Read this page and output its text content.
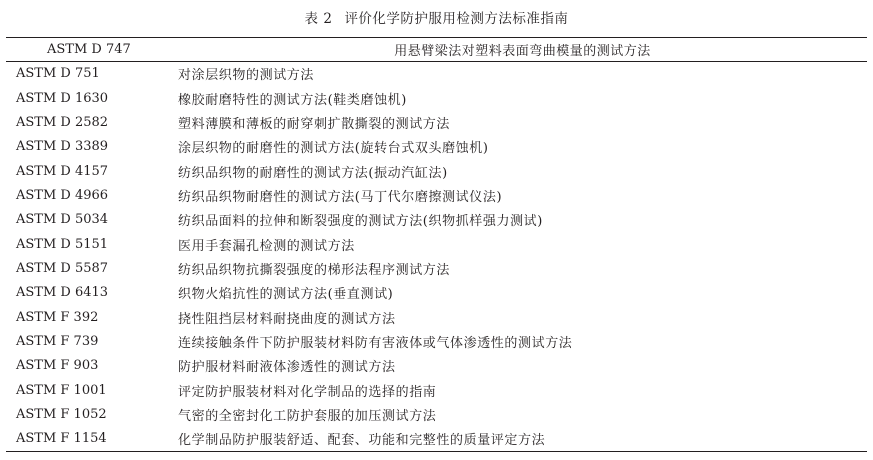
表 2 评价化学防护服用检测方法标准指南
ASTM D 747	用悬臂梁法对塑料表面弯曲模量的测试方法
ASTM D 751	对涂层织物的测试方法
ASTM D 1630	橡胶耐磨特性的测试方法(鞋类磨蚀机)
ASTM D 2582	塑料薄膜和薄板的耐穿刺扩散撕裂的测试方法
ASTM D 3389	涂层织物的耐磨性的测试方法(旋转台式双头磨蚀机)
ASTM D 4157	纺织品织物的耐磨性的测试方法(振动汽缸法)
ASTM D 4966	纺织品织物耐磨性的测试方法(马丁代尔磨擦测试仪法)
ASTM D 5034	纺织品面料的拉伸和断裂强度的测试方法(织物抓样强力测试)
ASTM D 5151	医用手套漏孔检测的测试方法
ASTM D 5587	纺织品织物抗撕裂强度的梯形法程序测试方法
ASTM D 6413	织物火焰抗性的测试方法(垂直测试)
ASTM F 392	挠性阻挡层材料耐挠曲度的测试方法
ASTM F 739	连续接触条件下防护服装材料防有害液体或气体渗透性的测试方法
ASTM F 903	防护服材料耐液体渗透性的测试方法
ASTM F 1001	评定防护服装材料对化学制品的选择的指南
ASTM F 1052	气密的全密封化工防护套服的加压测试方法
ASTM F 1154	化学制品防护服装舒适、配套、功能和完整性的质量评定方法
